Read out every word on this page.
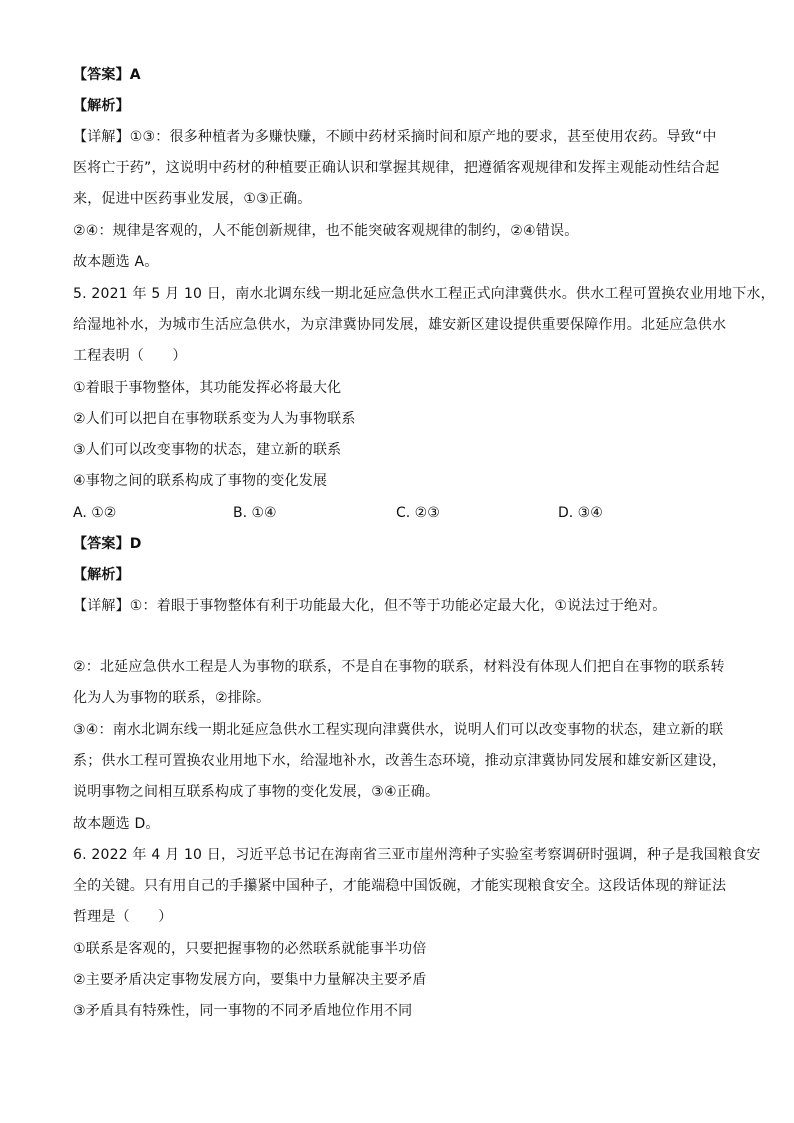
【答案】A
【解析】
【详解】①③：很多种植者为多赚快赚，不顾中药材采摘时间和原产地的要求，甚至使用农药。导致“中
医将亡于药”，这说明中药材的种植要正确认识和掌握其规律，把遵循客观规律和发挥主观能动性结合起
来，促进中医药事业发展，①③正确。
②④：规律是客观的，人不能创新规律，也不能突破客观规律的制约，②④错误。
故本题选 A。
5. 2021 年 5 月 10 日，南水北调东线一期北延应急供水工程正式向津冀供水。供水工程可置换农业用地下水，
给湿地补水，为城市生活应急供水，为京津冀协同发展，雄安新区建设提供重要保障作用。北延应急供水
工程表明（　　）
①着眼于事物整体，其功能发挥必将最大化
②人们可以把自在事物联系变为人为事物联系
③人们可以改变事物的状态，建立新的联系
④事物之间的联系构成了事物的变化发展
A. ①②	B. ①④	C. ②③	D. ③④
【答案】D
【解析】
【详解】①：着眼于事物整体有利于功能最大化，但不等于功能必定最大化，①说法过于绝对。
②：北延应急供水工程是人为事物的联系，不是自在事物的联系，材料没有体现人们把自在事物的联系转
化为人为事物的联系，②排除。
③④：南水北调东线一期北延应急供水工程实现向津冀供水，说明人们可以改变事物的状态，建立新的联
系；供水工程可置换农业用地下水，给湿地补水，改善生态环境，推动京津冀协同发展和雄安新区建设，
说明事物之间相互联系构成了事物的变化发展，③④正确。
故本题选 D。
6. 2022 年 4 月 10 日，习近平总书记在海南省三亚市崖州湾种子实验室考察调研时强调，种子是我国粮食安
全的关键。只有用自己的手攥紧中国种子，才能端稳中国饭碗，才能实现粮食安全。这段话体现的辩证法
哲理是（　　）
①联系是客观的，只要把握事物的必然联系就能事半功倍
②主要矛盾决定事物发展方向，要集中力量解决主要矛盾
③矛盾具有特殊性，同一事物的不同矛盾地位作用不同
